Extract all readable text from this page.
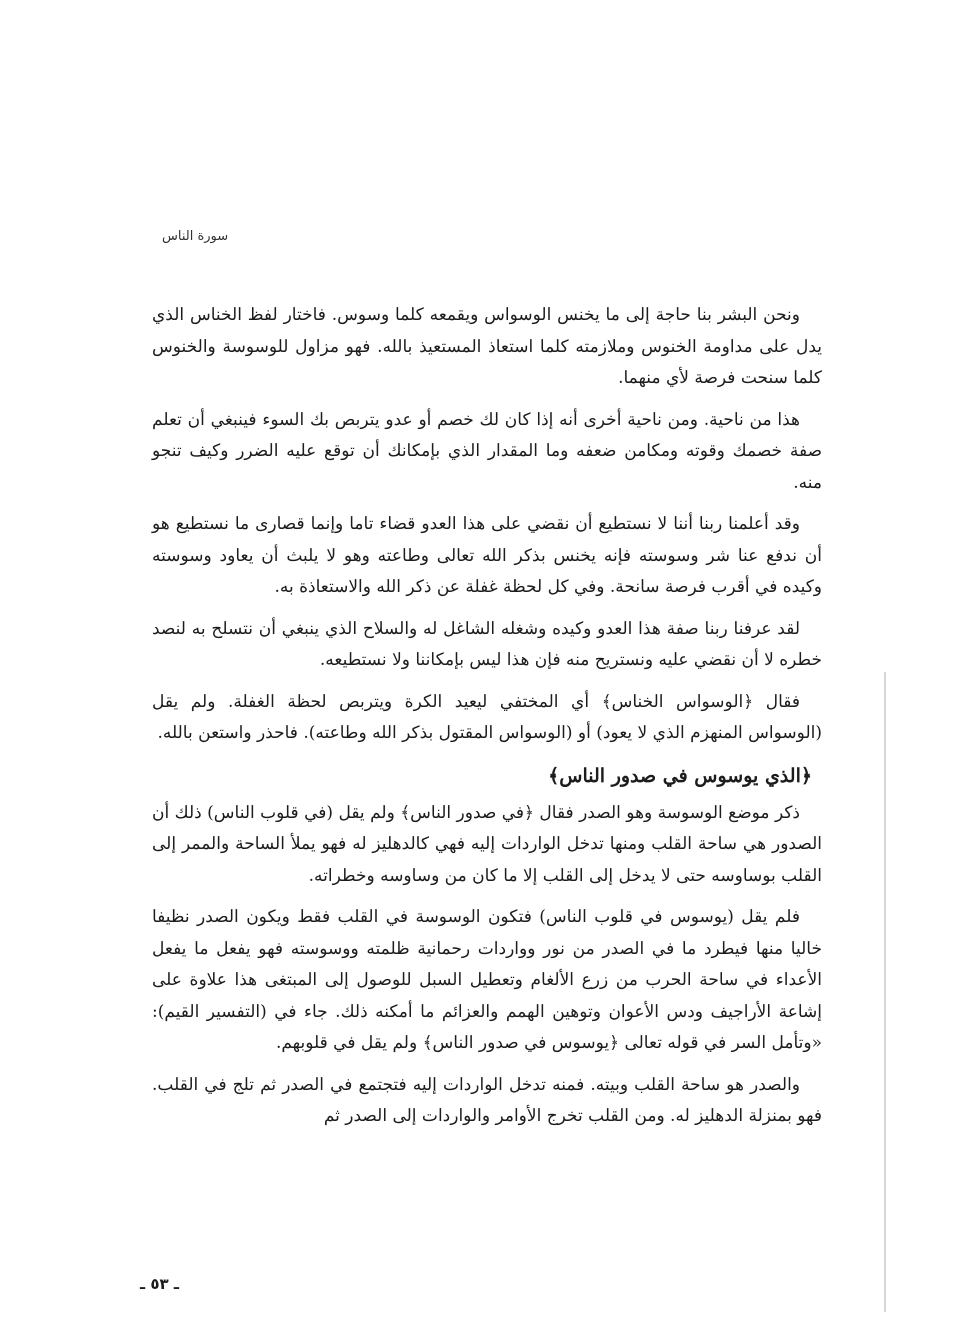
سورة الناس

ونحن البشر بنا حاجة إلى ما يخنس الوسواس ويقمعه كلما وسوس. فاختار لفظ الخناس الذي يدل على مداومة الخنوس وملازمته كلما استعاذ المستعيذ بالله. فهو مزاول للوسوسة والخنوس كلما سنحت فرصة لأي منهما.

هذا من ناحية. ومن ناحية أخرى أنه إذا كان لك خصم أو عدو يتربص بك السوء فينبغي أن تعلم صفة خصمك وقوته ومكامن ضعفه وما المقدار الذي بإمكانك أن توقع عليه الضرر وكيف تنجو منه.

وقد أعلمنا ربنا أننا لا نستطيع أن نقضي على هذا العدو قضاء تاما وإنما قصارى ما نستطيع هو أن ندفع عنا شر وسوسته فإنه يخنس بذكر الله تعالى وطاعته وهو لا يلبث أن يعاود وسوسته وكيده في أقرب فرصة سانحة. وفي كل لحظة غفلة عن ذكر الله والاستعاذة به.

لقد عرفنا ربنا صفة هذا العدو وكيده وشغله الشاغل له والسلاح الذي ينبغي أن نتسلح به لنصد خطره لا أن نقضي عليه ونستريح منه فإن هذا ليس بإمكاننا ولا نستطيعه.

فقال ﴿الوسواس الخناس﴾ أي المختفي ليعيد الكرة ويتربص لحظة الغفلة. ولم يقل (الوسواس المنهزم الذي لا يعود) أو (الوسواس المقتول بذكر الله وطاعته). فاحذر واستعن بالله.

﴿الذي يوسوس في صدور الناس﴾

ذكر موضع الوسوسة وهو الصدر فقال ﴿في صدور الناس﴾ ولم يقل (في قلوب الناس) ذلك أن الصدور هي ساحة القلب ومنها تدخل الواردات إليه فهي كالدهليز له فهو يملأ الساحة والممر إلى القلب بوساوسه حتى لا يدخل إلى القلب إلا ما كان من وساوسه وخطراته.

فلم يقل (يوسوس في قلوب الناس) فتكون الوسوسة في القلب فقط ويكون الصدر نظيفا خاليا منها فيطرد ما في الصدر من نور وواردات رحمانية ظلمته ووسوسته فهو يفعل ما يفعل الأعداء في ساحة الحرب من زرع الألغام وتعطيل السبل للوصول إلى المبتغى هذا علاوة على إشاعة الأراجيف ودس الأعوان وتوهين الهمم والعزائم ما أمكنه ذلك. جاء في (التفسير القيم): «وتأمل السر في قوله تعالى ﴿يوسوس في صدور الناس﴾ ولم يقل في قلوبهم.

والصدر هو ساحة القلب وبيته. فمنه تدخل الواردات إليه فتجتمع في الصدر ثم تلج في القلب. فهو بمنزلة الدهليز له. ومن القلب تخرج الأوامر والواردات إلى الصدر ثم

ـ ٥٣ ـ
